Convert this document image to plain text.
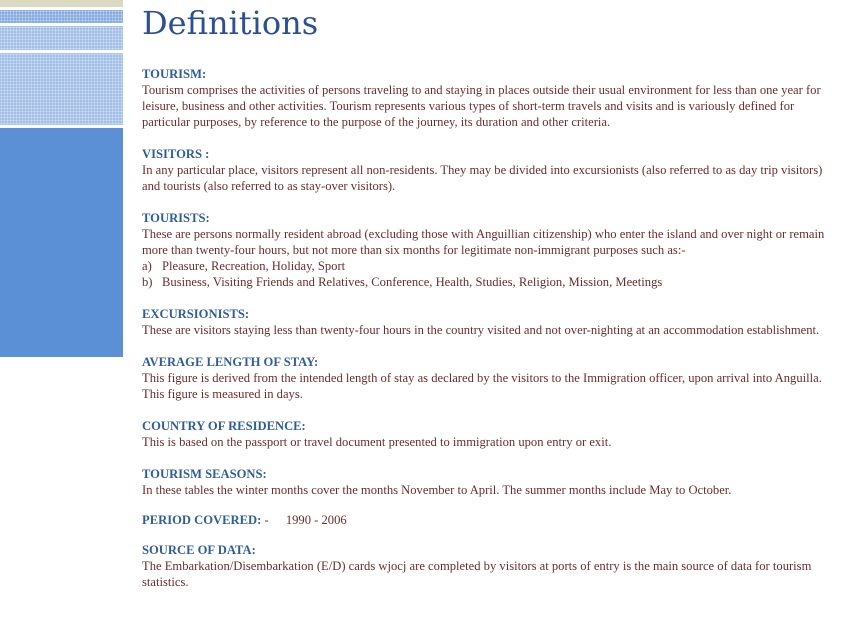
Definitions
TOURISM:

Tourism comprises the activities of persons traveling to and staying in places outside their usual environment for less than one year for leisure, business and other activities. Tourism represents various types of short-term travels and visits and is variously defined for particular purposes, by reference to the purpose of the journey, its duration and other criteria.

VISITORS :

In any particular place, visitors represent all non-residents. They may be divided into excursionists (also referred to as day trip visitors) and tourists (also referred to as stay-over visitors).

TOURISTS:

These are persons normally resident abroad (excluding those with Anguillian citizenship) who enter the island and over night or remain more than twenty-four hours, but not more than six months for legitimate non-immigrant purposes such as:-

a) Pleasure, Recreation, Holiday, Sport
b) Business, Visiting Friends and Relatives, Conference, Health, Studies, Religion, Mission, Meetings
EXCURSIONISTS:

These are visitors staying less than twenty-four hours in the country visited and not over-nighting at an accommodation establishment.

AVERAGE LENGTH OF STAY:

This figure is derived from the intended length of stay as declared by the visitors to the Immigration officer, upon arrival into Anguilla. This figure is measured in days.

COUNTRY OF RESIDENCE:

This is based on the passport or travel document presented to immigration upon entry or exit.

TOURISM SEASONS:

In these tables the winter months cover the months November to April. The summer months include May to October.

PERIOD COVERED: - 1990 - 2006
SOURCE OF DATA:

The Embarkation/Disembarkation (E/D) cards wjocj are completed by visitors at ports of entry is the main source of data for tourism statistics.
